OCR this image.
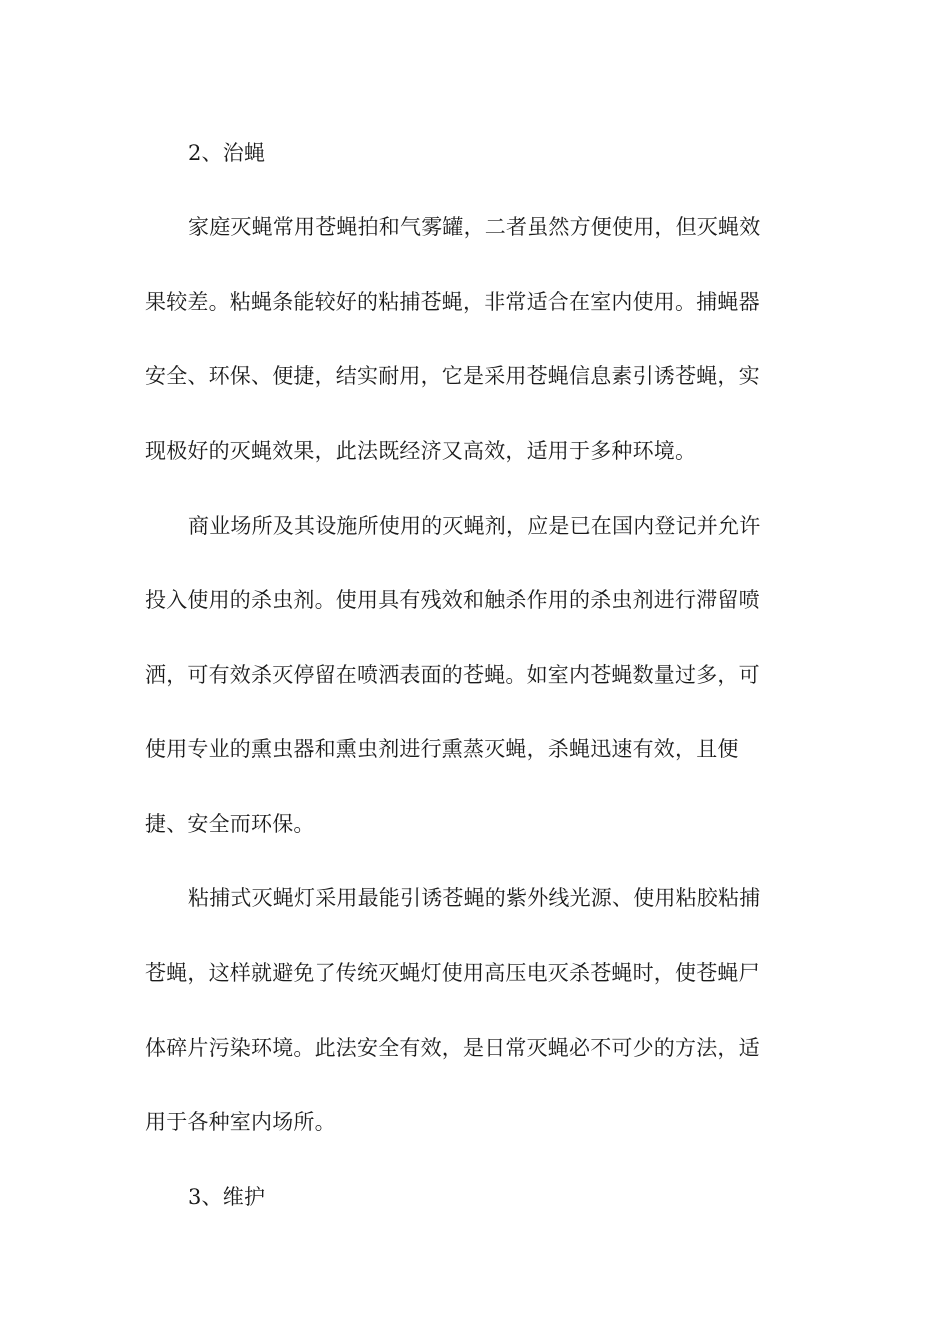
2、治蝇
家庭灭蝇常用苍蝇拍和气雾罐，二者虽然方便使用，但灭蝇效
果较差。粘蝇条能较好的粘捕苍蝇，非常适合在室内使用。捕蝇器
安全、环保、便捷，结实耐用，它是采用苍蝇信息素引诱苍蝇，实
现极好的灭蝇效果，此法既经济又高效，适用于多种环境。
商业场所及其设施所使用的灭蝇剂，应是已在国内登记并允许
投入使用的杀虫剂。使用具有残效和触杀作用的杀虫剂进行滞留喷
洒，可有效杀灭停留在喷洒表面的苍蝇。如室内苍蝇数量过多，可
使用专业的熏虫器和熏虫剂进行熏蒸灭蝇，杀蝇迅速有效，且便
捷、安全而环保。
粘捕式灭蝇灯采用最能引诱苍蝇的紫外线光源、使用粘胶粘捕
苍蝇，这样就避免了传统灭蝇灯使用高压电灭杀苍蝇时，使苍蝇尸
体碎片污染环境。此法安全有效，是日常灭蝇必不可少的方法，适
用于各种室内场所。
3、维护
